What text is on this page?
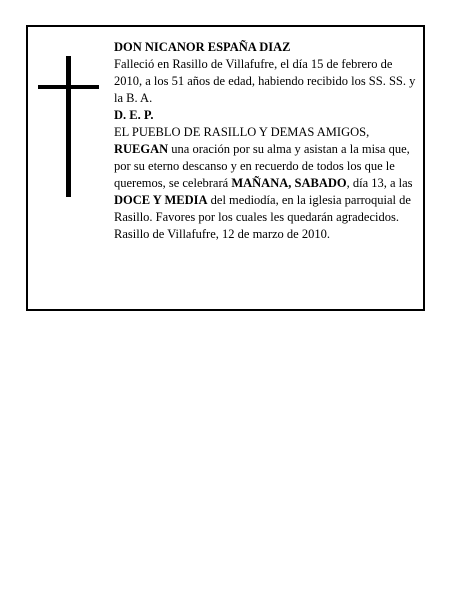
DON NICANOR ESPAÑA DIAZ

Falleció en Rasillo de Villafufre, el día 15 de febrero de 2010, a los 51 años de edad, habiendo recibido los SS. SS. y la B. A.

D. E. P.

EL PUEBLO DE RASILLO Y DEMAS AMIGOS, RUEGAN una oración por su alma y asistan a la misa que, por su eterno descanso y en recuerdo de todos los que le queremos, se celebrará MAÑANA, SABADO, día 13, a las DOCE Y MEDIA del mediodía, en la iglesia parroquial de Rasillo. Favores por los cuales les quedarán agradecidos.

Rasillo de Villafufre, 12 de marzo de 2010.
